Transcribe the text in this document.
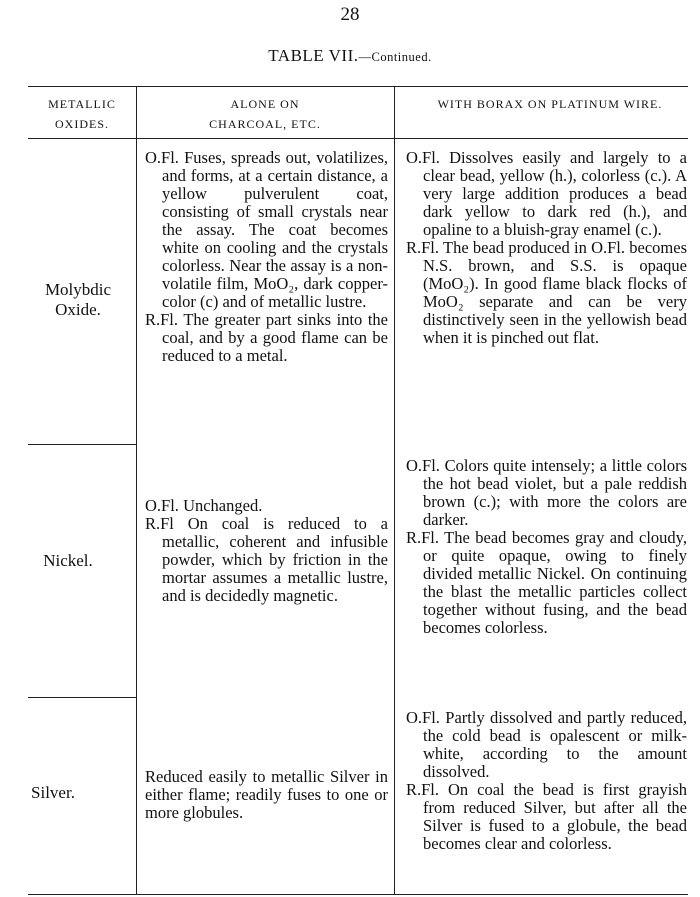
28
TABLE VII.—Continued.
METALLIC OXIDES.
ALONE ON CHARCOAL, ETC.
WITH BORAX ON PLATINUM WIRE.
Molybdic
Oxide.
O.Fl. Fuses, spreads out, volatilizes, and forms, at a certain distance, a yellow pulverulent coat, consisting of small crystals near the assay. The coat becomes white on cooling and the crystals colorless. Near the assay is a non-volatile film, MoO₂, dark copper-color (c) and of metallic lustre.
R.Fl. The greater part sinks into the coal, and by a good flame can be reduced to a metal.
O.Fl. Dissolves easily and largely to a clear bead, yellow (h.), colorless (c.). A very large addition produces a bead dark yellow to dark red (h.), and opaline to a bluish-gray enamel (c.).
R.Fl. The bead produced in O.Fl. becomes N.S. brown, and S.S. is opaque (MoO₂). In good flame black flocks of MoO₂ separate and can be very distinctively seen in the yellowish bead when it is pinched out flat.
Nickel.
O.Fl. Unchanged.
R.Fl On coal is reduced to a metallic, coherent and infusible powder, which by friction in the mortar assumes a metallic lustre, and is decidedly magnetic.
O.Fl. Colors quite intensely; a little colors the hot bead violet, but a pale reddish brown (c.); with more the colors are darker.
R.Fl. The bead becomes gray and cloudy, or quite opaque, owing to finely divided metallic Nickel. On continuing the blast the metallic particles collect together without fusing, and the bead becomes colorless.
Silver.
Reduced easily to metallic Silver in either flame; readily fuses to one or more globules.
O.Fl. Partly dissolved and partly reduced, the cold bead is opalescent or milk-white, according to the amount dissolved.
R.Fl. On coal the bead is first grayish from reduced Silver, but after all the Silver is fused to a globule, the bead becomes clear and colorless.
